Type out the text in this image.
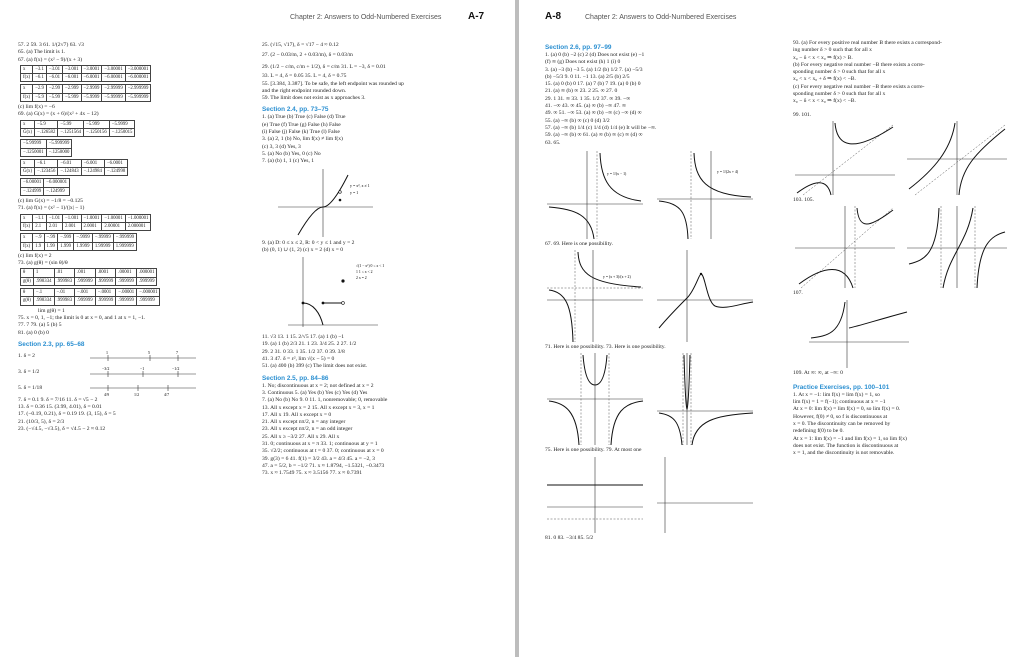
Chapter 2: Answers to Odd-Numbered Exercises	A-7
57. 2 59. 3 61. 1/(2√7) 63. √3
65. (a) The limit is 1.
67. (a) f(x) = (x² − 9)/(x + 3)
x	−3.1	−3.01	−3.001	−3.0001	−3.00001	−3.000001
f(x)	−6.1	−6.01	−6.001	−6.0001	−6.00001	−6.000001
x	−2.9	−2.99	−2.999	−2.9999	−2.99999	−2.999999
f(x)	−5.9	−5.99	−5.999	−5.9999	−5.99999	−5.999999
(c) lim f(x) = −6
69. (a) G(x) = (x + 6)/(x² + 4x − 12)
x	−5.9	−5.99	−5.999	−5.9999
G(x)	−.126582	−.1251564	−.1250156	−.1250015
−5.99999	−5.999999
−.1250001	−.1250000
x	−6.1	−6.01	−6.001	−6.0001
G(x)	−.123456	−.124843	−.124984	−.124998
−6.00001	−6.000001
−.124999	−.124999
(c) lim G(x) = −1/8 = −0.125
71. (a) f(x) = (x² − 1)/(|x| − 1)
x	−1.1	−1.01	−1.001	−1.0001	−1.00001	−1.000001
f(x)	2.1	2.01	2.001	2.0001	2.00001	2.000001
x	−.9	−.99	−.999	−.9999	−.99999	−.999999
f(x)	1.9	1.99	1.999	1.9999	1.99999	1.999999
(c) lim f(x) = 2
73. (a) g(θ) = (sin θ)/θ
θ	1	.01	.001	.0001	.00001	.000001
g(θ)	.998334	.999983	.999999	.999999	.999999	.999999
θ	−.1	−.01	−.001	−.0001	−.00001	−.000001
g(θ)	.998334	.999983	.999999	.999999	.999999	.999999
lim g(θ) = 1
75. x = 0, 1, −1; the limit is 0 at x = 0, and 1 at x = 1, −1.
77. 7 79. (a) 5 (b) 5
81. (a) 0 (b) 0
Section 2.3, pp. 65–68
1. δ = 2
1	5	7
3. δ = 1/2
−3/2	−1	−1/2
5. δ = 1/18
4/9	1/2	4/7
7. δ = 0.1 9. δ = 7/16 11. δ = √5 − 2
13. δ = 0.36 15. (3.99, 4.01), δ = 0.01
17. (−0.19, 0.21), δ = 0.19 19. (3, 15), δ = 5
21. (10/3, 5), δ = 2/3
23. (−√4.5, −√3.5), δ = √4.5 − 2 ≈ 0.12
25. (√15, √17), δ = √17 − 4 ≈ 0.12
27. (2 − 0.03/m, 2 + 0.03/m), δ = 0.03/m
29. (1/2 − c/m, c/m + 1/2), δ = c/m 31. L = −3, δ = 0.01
33. L = 4, δ = 0.05 35. L = 4, δ = 0.75
55. [3.384, 3.387]. To be safe, the left endpoint was rounded up
and the right endpoint rounded down.
59. The limit does not exist as x approaches 3.
Section 2.4, pp. 73–75
1. (a) True (b) True (c) False (d) True
(e) True (f) True (g) False (h) False
(i) False (j) False (k) True (l) False
3. (a) 2, 1 (b) No, lim f(x) ≠ lim f(x)
(c) 3, 3 (d) Yes, 3
5. (a) No (b) Yes, 0 (c) No
7. (a) (b) 1, 1 (c) Yes, 1
y = x³, x ≠ 1
y = 1
9. (a) D: 0 ≤ x ≤ 2, R: 0 < y ≤ 1 and y = 2
(b) (0, 1) ∪ (1, 2) (c) x = 2 (d) x = 0
√(1 − x²) 0 ≤ x < 1
1 1 ≤ x < 2
2 x = 2
11. √3 13. 1 15. 2/√5 17. (a) 1 (b) −1
19. (a) 1 (b) 2/3 21. 1 23. 3/4 25. 2 27. 1/2
29. 2 31. 0 33. 1 35. 1/2 37. 0 39. 3/8
41. 3 47. δ = ε², lim √(x − 5) = 0
51. (a) 400 (b) 399 (c) The limit does not exist.
Section 2.5, pp. 84–86
1. No; discontinuous at x = 2; not defined at x = 2
3. Continuous 5. (a) Yes (b) Yes (c) Yes (d) Yes
7. (a) No (b) No 9. 0 11. 1, nonremovable; 0, removable
13. All x except x = 2 15. All x except x = 3, x = 1
17. All x 19. All x except x = 0
21. All x except nπ/2, n = any integer
23. All x except nπ/2, n = an odd integer
25. All x ≥ −3/2 27. All x 29. All x
31. 0; continuous at x = π 33. 1; continuous at y = 1
35. √2/2; continuous at t = 0 37. 0; continuous at x = 0
39. g(3) = 6 41. f(1) = 3/2 43. a = 4/3 45. a = −2, 3
47. a = 5/2, b = −1/2 71. x ≈ 1.8794, −1.5321, −0.3473
73. x ≈ 1.7549 75. x ≈ 3.5156 77. x ≈ 0.7391
A-8	Chapter 2: Answers to Odd-Numbered Exercises
Section 2.6, pp. 97–99
1. (a) 0 (b) −2 (c) 2 (d) Does not exist (e) −1
(f) ∞ (g) Does not exist (h) 1 (i) 0
3. (a) −3 (b) −3 5. (a) 1/2 (b) 1/2 7. (a) −5/3
(b) −5/3 9. 0 11. −1 13. (a) 2/5 (b) 2/5
15. (a) 0 (b) 0 17. (a) 7 (b) 7 19. (a) 0 (b) 0
21. (a) ∞ (b) ∞ 23. 2 25. ∞ 27. 0
29. 1 31. ∞ 33. 1 35. 1/2 37. ∞ 39. −∞
41. −∞ 43. ∞ 45. (a) ∞ (b) −∞ 47. ∞
49. ∞ 51. −∞ 53. (a) ∞ (b) −∞ (c) −∞ (d) ∞
55. (a) −∞ (b) ∞ (c) 0 (d) 3/2
57. (a) −∞ (b) 1/4 (c) 1/4 (d) 1/4 (e) It will be −∞.
59. (a) −∞ (b) ∞ 61. (a) ∞ (b) ∞ (c) ∞ (d) ∞
63. 65.
y = 1/(x − 1)	y = 1/(2x + 4)
67. 69. Here is one possibility.
y = (x + 3)/(x + 2)
71. Here is one possibility. 73. Here is one possibility.
75. Here is one possibility. 79. At most one
81. 0 83. −3/4 85. 5/2
93. (a) For every positive real number B there exists a correspond-
ing number δ > 0 such that for all x
x₀ − δ < x < x₀ ⇒ f(x) > B.
(b) For every negative real number −B there exists a corre-
sponding number δ > 0 such that for all x
x₀ < x < x₀ + δ ⇒ f(x) < −B.
(c) For every negative real number −B there exists a corre-
sponding number δ > 0 such that for all x
x₀ − δ < x < x₀ ⇒ f(x) < −B.
99. 101.
103. 105.
107.
109. At ∞: ∞, at −∞: 0
Practice Exercises, pp. 100–101
1. At x = −1: lim f(x) = lim f(x) = 1, so
lim f(x) = 1 = f(−1); continuous at x = −1
At x = 0: lim f(x) = lim f(x) = 0, so lim f(x) = 0.
However, f(0) ≠ 0, so f is discontinuous at
x = 0. The discontinuity can be removed by
redefining f(0) to be 0.
At x = 1: lim f(x) = −1 and lim f(x) = 1, so lim f(x)
does not exist. The function is discontinuous at
x = 1, and the discontinuity is not removable.
